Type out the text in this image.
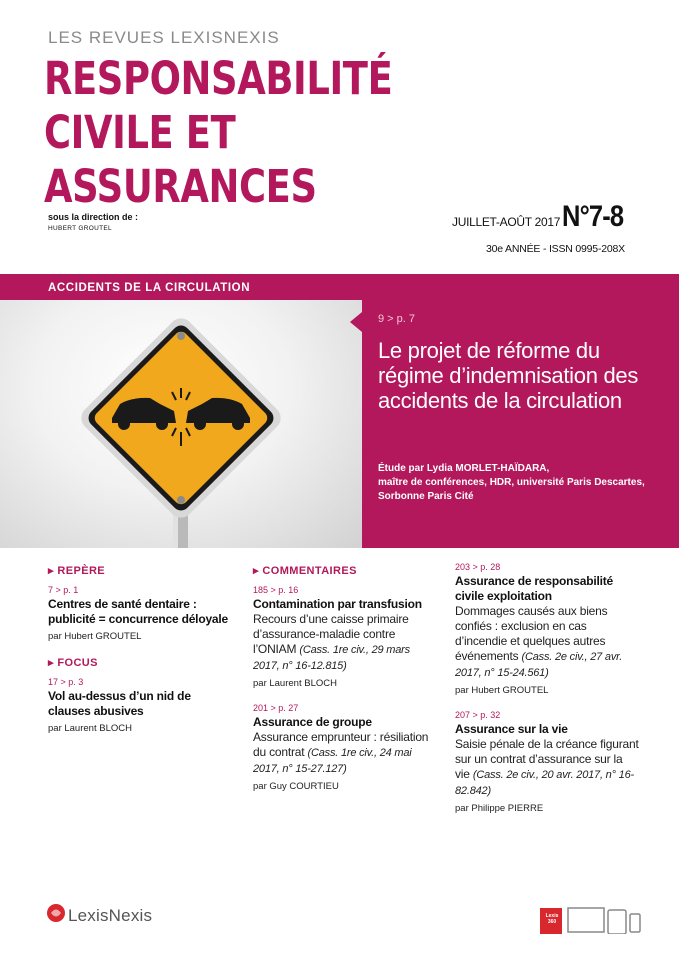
LES REVUES LEXISNEXIS
RESPONSABILITÉ
CIVILE ET
ASSURANCES
sous la direction de :
HUBERT GROUTEL	JUILLET-AOÛT 2017 -
N°7-8
30e ANNÉE - ISSN 0995-208X
ACCIDENTS DE LA CIRCULATION
9 > p. 7
Le projet de réforme du régime d’indemnisation des accidents de la circulation
Étude par Lydia MORLET-HAÏDARA,
maître de conférences, HDR, université Paris Descartes,
Sorbonne Paris Cité
▸ REPÈRE
7 > p. 1
Centres de santé dentaire : publicité = concurrence déloyale
par Hubert GROUTEL
▸ FOCUS
17 > p. 3
Vol au-dessus d’un nid de clauses abusives
par Laurent BLOCH
▸ COMMENTAIRES
185 > p. 16
Contamination par transfusion
Recours d’une caisse primaire d’assurance-maladie contre l’ONIAM (Cass. 1re civ., 29 mars 2017, n° 16-12.815)
par Laurent BLOCH
201 > p. 27
Assurance de groupe
Assurance emprunteur : résiliation du contrat (Cass. 1re civ., 24 mai 2017, n° 15-27.127)
par Guy COURTIEU
203 > p. 28
Assurance de responsabilité civile exploitation
Dommages causés aux biens confiés : exclusion en cas d’incendie et quelques autres événements (Cass. 2e civ., 27 avr. 2017, n° 15-24.561)
par Hubert GROUTEL
207 > p. 32
Assurance sur la vie
Saisie pénale de la créance figurant sur un contrat d’assurance sur la vie (Cass. 2e civ., 20 avr. 2017, n° 16-82.842)
par Philippe PIERRE
LexisNexis	Lexis 360
